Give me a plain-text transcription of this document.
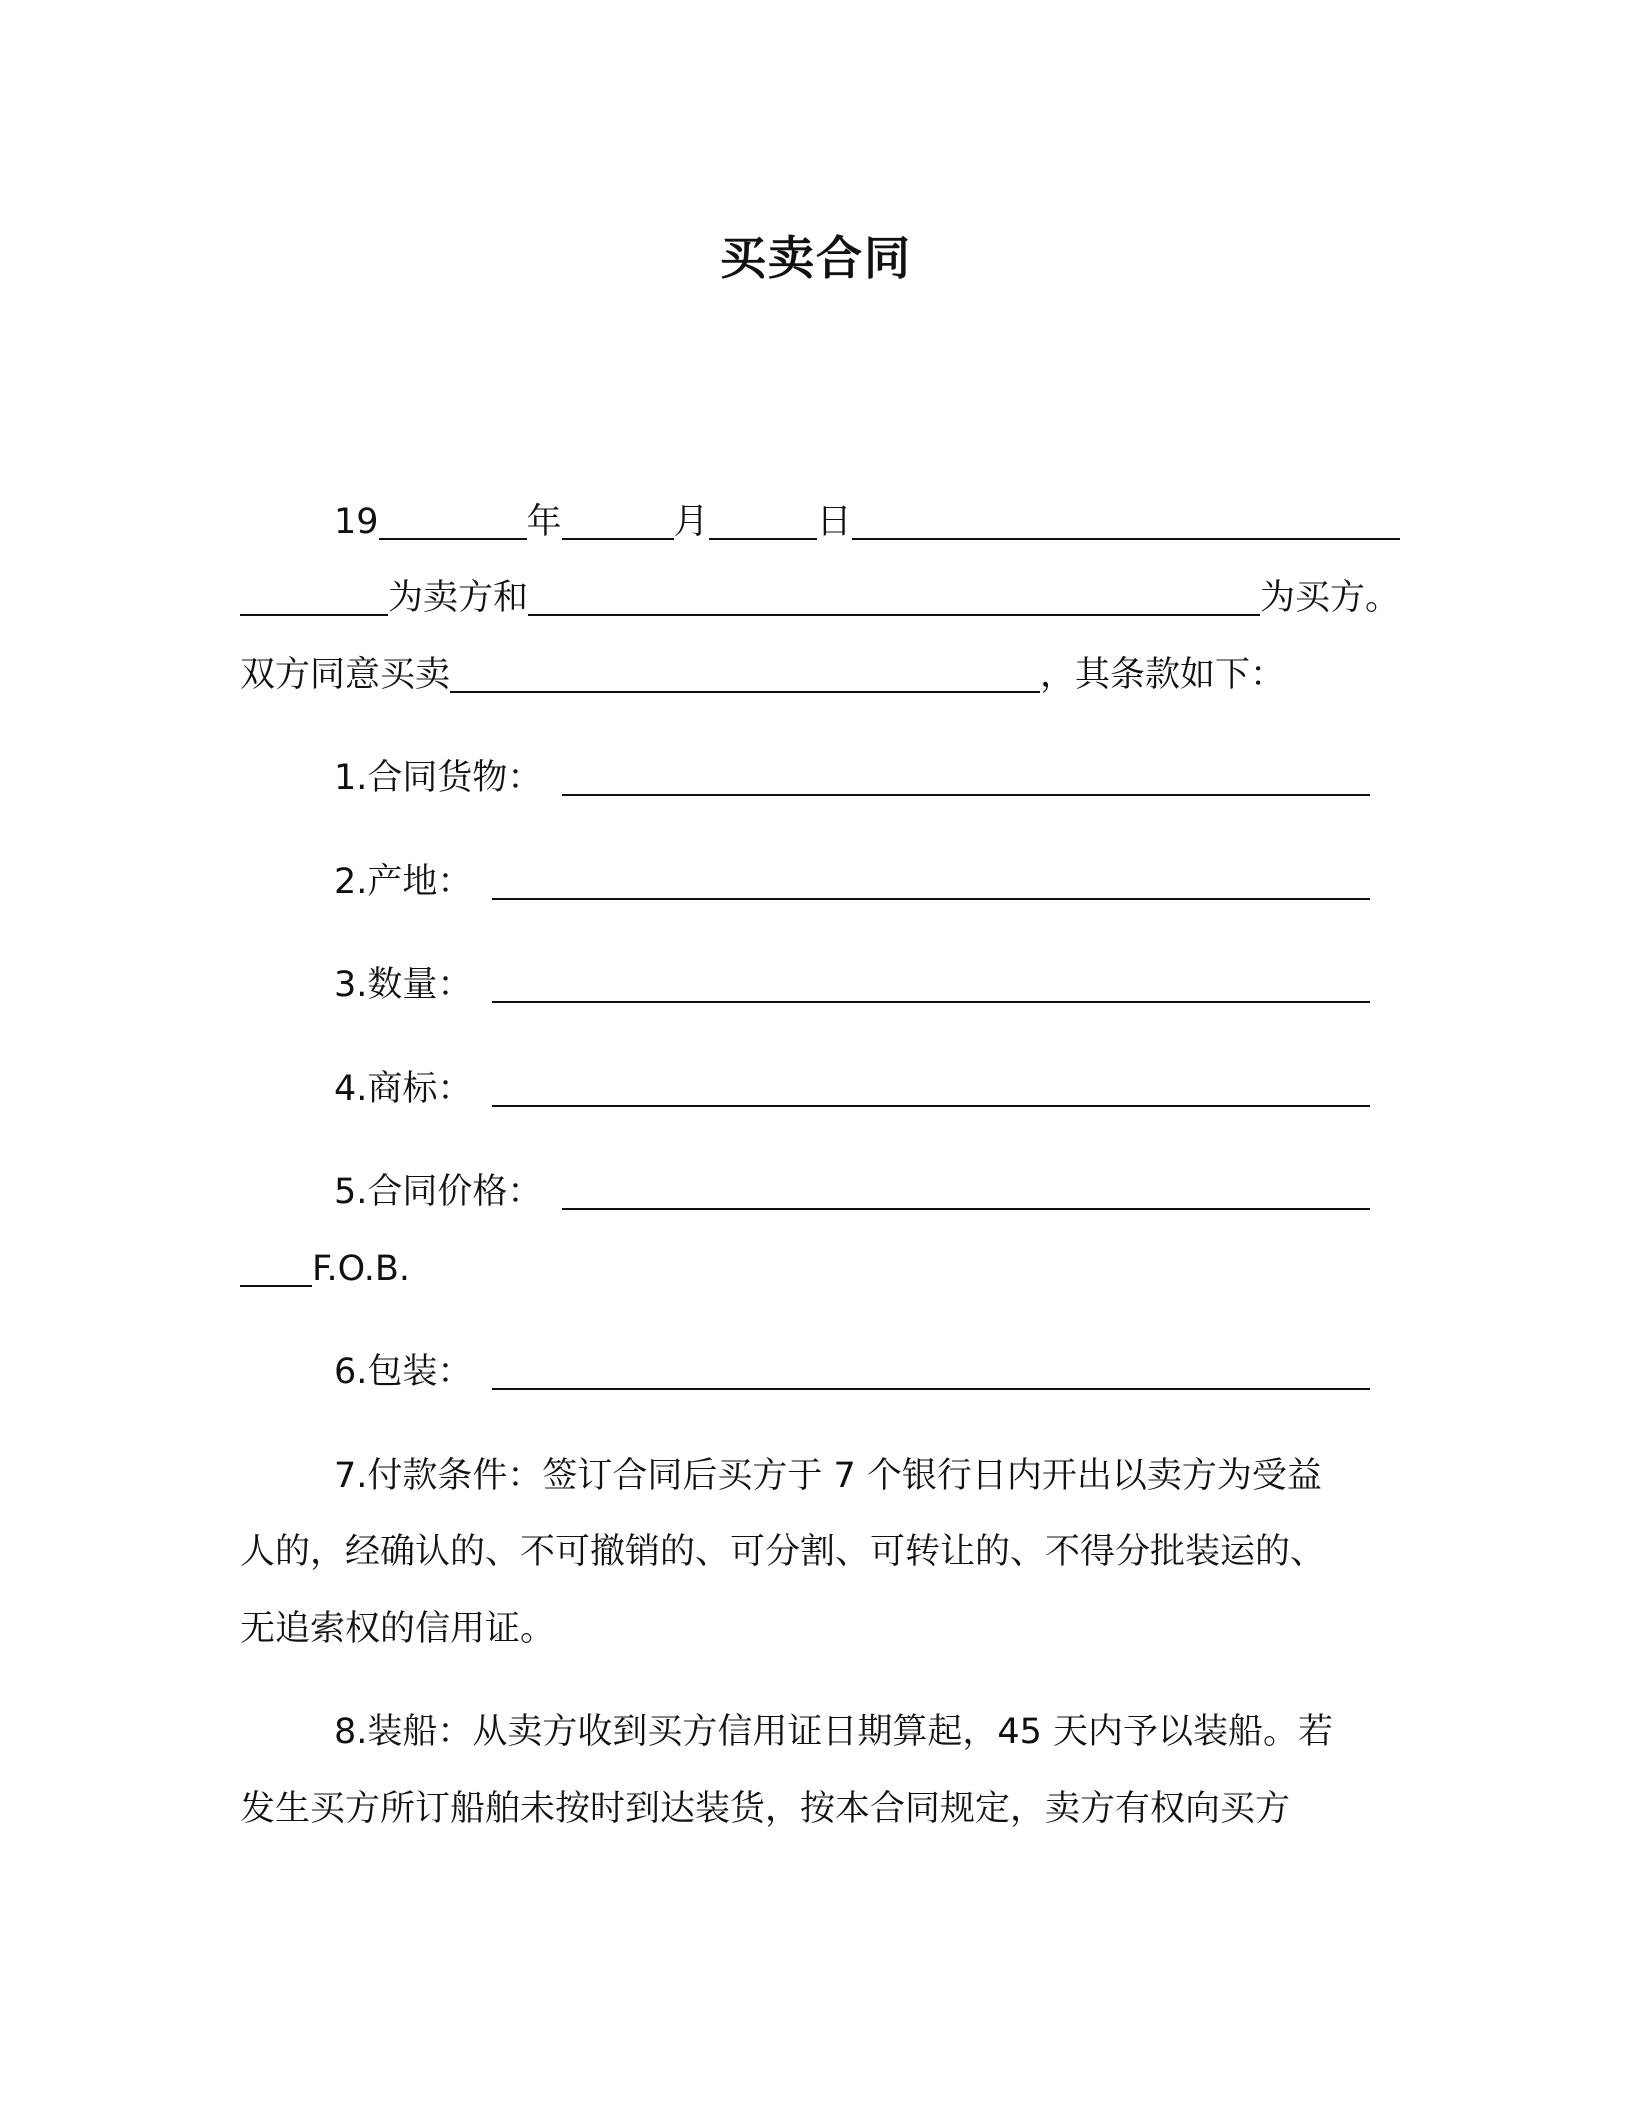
买卖合同
19	年	月	日
为卖方和	为买方。
双方同意买卖	，其条款如下：
1.合同货物：
2.产地：
3.数量：
4.商标：
5.合同价格：
F.O.B.
6.包装：
7.付款条件：签订合同后买方于 7 个银行日内开出以卖方为受益
人的，经确认的、不可撤销的、可分割、可转让的、不得分批装运的、
无追索权的信用证。
8.装船：从卖方收到买方信用证日期算起，45 天内予以装船。若
发生买方所订船舶未按时到达装货，按本合同规定，卖方有权向买方
